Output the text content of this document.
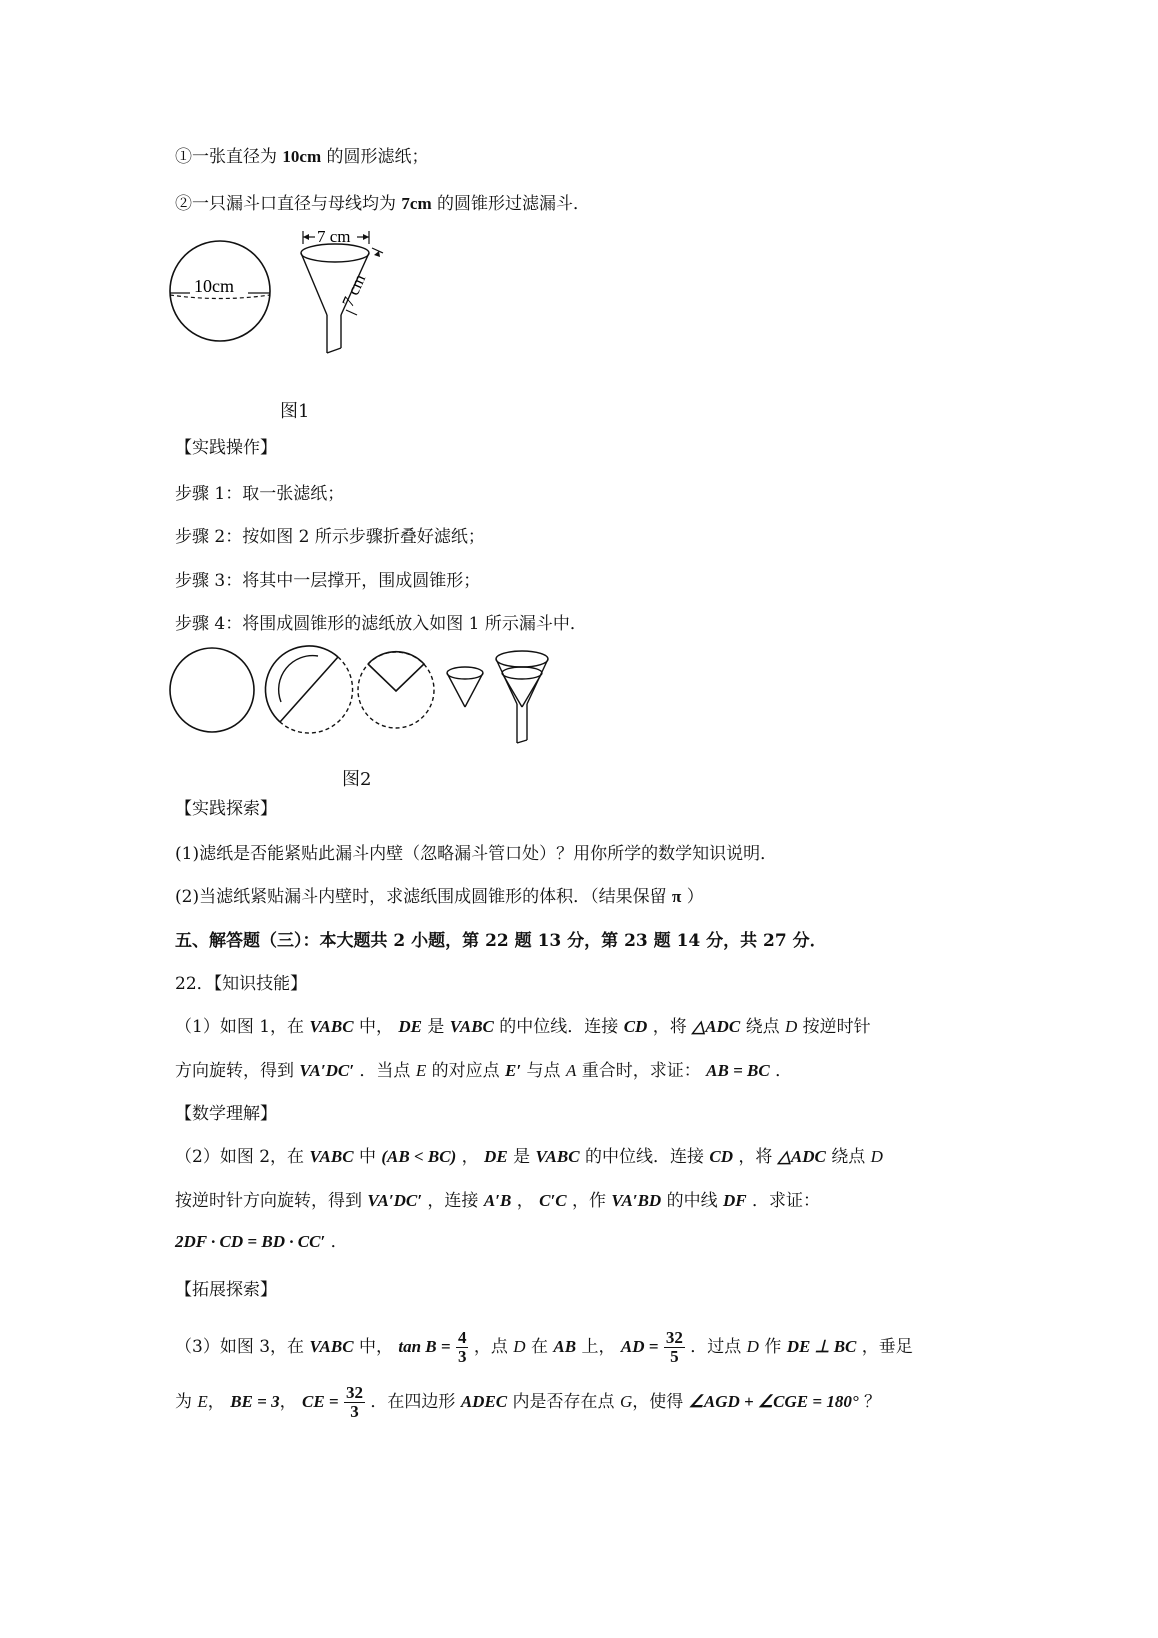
①一张直径为 10cm 的圆形滤纸；
②一只漏斗口直径与母线均为 7cm 的圆锥形过滤漏斗．
10cm
7 cm
7 cm
图1
【实践操作】
步骤 1：取一张滤纸；
步骤 2：按如图 2 所示步骤折叠好滤纸；
步骤 3：将其中一层撑开，围成圆锥形；
步骤 4：将围成圆锥形的滤纸放入如图 1 所示漏斗中．
图2
【实践探索】
(1)滤纸是否能紧贴此漏斗内壁（忽略漏斗管口处）？用你所学的数学知识说明．
(2)当滤纸紧贴漏斗内壁时，求滤纸围成圆锥形的体积．（结果保留 π ）
五、解答题（三）：本大题共 2 小题，第 22 题 13 分，第 23 题 14 分，共 27 分．
22．【知识技能】
（1）如图 1，在 VABC 中， DE 是 VABC 的中位线．连接 CD ，将 △ADC 绕点 D 按逆时针
方向旋转，得到 VA′DC′ ．当点 E 的对应点 E′ 与点 A 重合时，求证： AB = BC ．
【数学理解】
（2）如图 2，在 VABC 中 (AB < BC) ， DE 是 VABC 的中位线．连接 CD ，将 △ADC 绕点 D
按逆时针方向旋转，得到 VA′DC′ ，连接 A′B ， C′C ，作 VA′BD 的中线 DF ．求证：
2DF · CD = BD · CC′ ．
【拓展探索】
（3）如图 3，在 VABC 中， $\tan B = \frac{4}{3}$ ，点 D 在 AB 上， AD = $\frac{32}{5}$ ．过点 D 作 DE ⊥ BC ，垂足
为 E， BE = 3， CE = $\frac{32}{3}$ ．在四边形 ADEC 内是否存在点 G，使得 ∠AGD + ∠CGE = 180° ？
